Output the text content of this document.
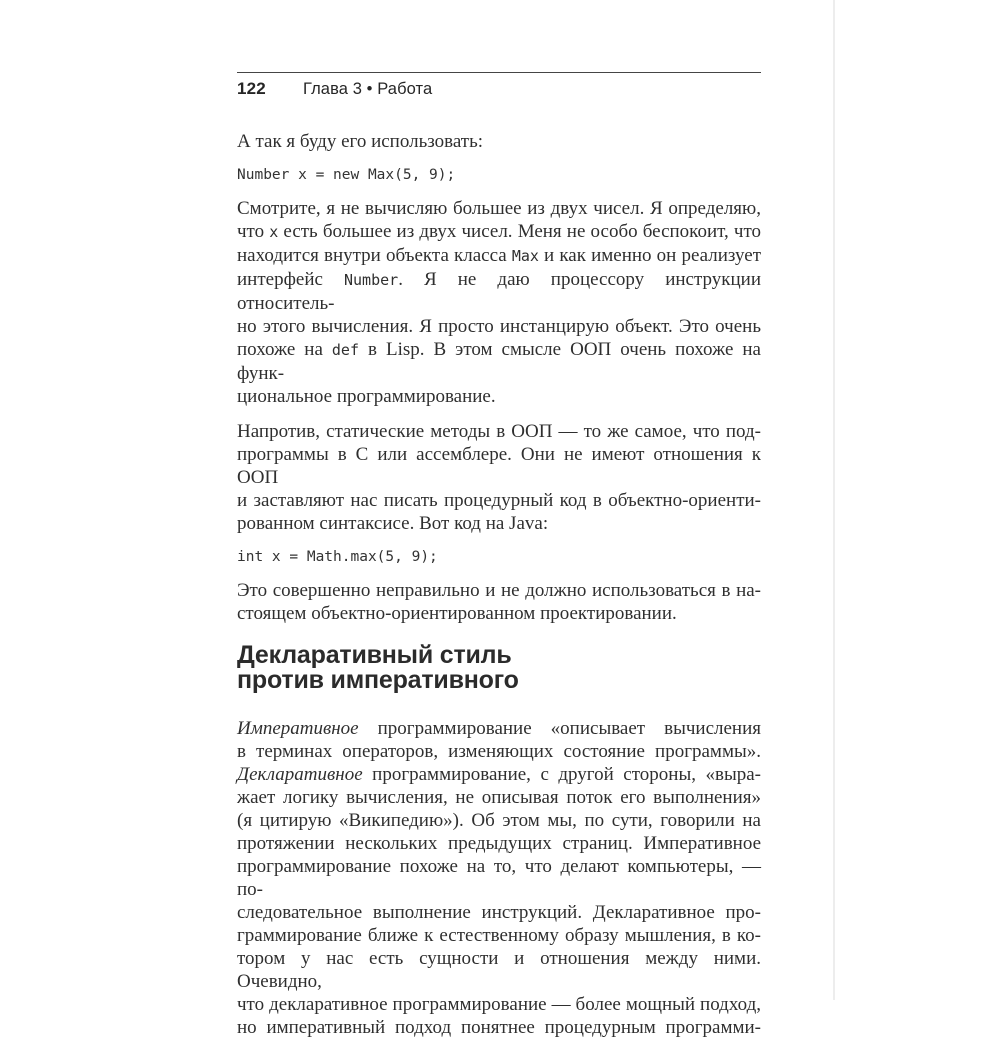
122 Глава 3 • Работа
А так я буду его использовать:
Number x = new Max(5, 9);
Смотрите, я не вычисляю большее из двух чисел. Я определяю,
что x есть большее из двух чисел. Меня не особо беспокоит, что
находится внутри объекта класса Max и как именно он реализует
интерфейс Number. Я не даю процессору инструкции относитель-
но этого вычисления. Я просто инстанцирую объект. Это очень
похоже на def в Lisp. В этом смысле ООП очень похоже на функ-
циональное программирование.
Напротив, статические методы в ООП — то же самое, что под-
программы в C или ассемблере. Они не имеют отношения к ООП
и заставляют нас писать процедурный код в объектно-ориенти-
рованном синтаксисе. Вот код на Java:
int x = Math.max(5, 9);
Это совершенно неправильно и не должно использоваться в на-
стоящем объектно-ориентированном проектировании.
Декларативный стиль
против императивного
Императивное программирование «описывает вычисления
в терминах операторов, изменяющих состояние программы».
Декларативное программирование, с другой стороны, «выра-
жает логику вычисления, не описывая поток его выполнения»
(я цитирую «Википедию»). Об этом мы, по сути, говорили на
протяжении нескольких предыдущих страниц. Императивное
программирование похоже на то, что делают компьютеры, — по-
следовательное выполнение инструкций. Декларативное про-
граммирование ближе к естественному образу мышления, в ко-
тором у нас есть сущности и отношения между ними. Очевидно,
что декларативное программирование — более мощный подход,
но императивный подход понятнее процедурным программи-
